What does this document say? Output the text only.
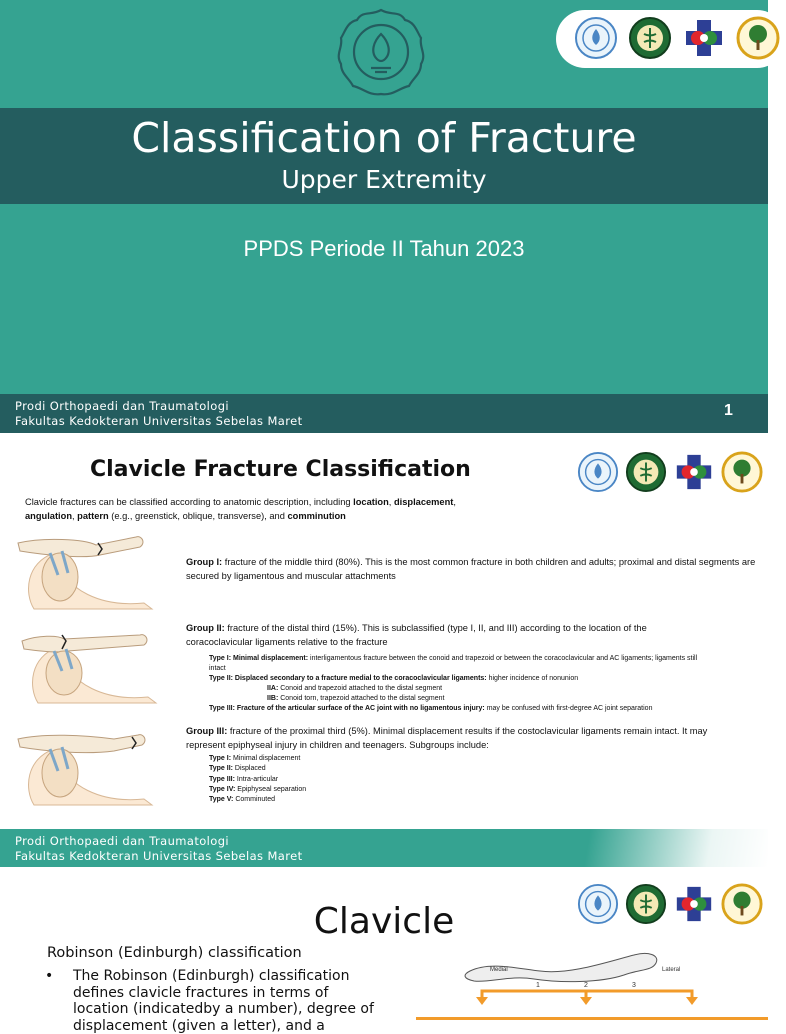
Classification of Fracture
Upper Extremity
PPDS Periode II Tahun 2023
Prodi Orthopaedi dan Traumatologi
Fakultas Kedokteran Universitas Sebelas Maret
1
Clavicle Fracture Classification
Clavicle fractures can be classified according to anatomic description, including location, displacement,
angulation, pattern (e.g., greenstick, oblique, transverse), and comminution
Group I: fracture of the middle third (80%). This is the most common fracture in both children and adults; proximal and distal segments are secured by ligamentous and muscular attachments
Group II: fracture of the distal third (15%). This is subclassified (type I, II, and III) according to the location of the coracoclavicular ligaments relative to the fracture
Type I: Minimal displacement: interligamentous fracture between the conoid and trapezoid or between the coracoclavicular and AC ligaments; ligaments still intact
Type II: Displaced secondary to a fracture medial to the coracoclavicular ligaments: higher incidence of nonunion
IIA: Conoid and trapezoid attached to the distal segment
IIB: Conoid torn, trapezoid attached to the distal segment
Type III: Fracture of the articular surface of the AC joint with no ligamentous injury: may be confused with first-degree AC joint separation
Group III: fracture of the proximal third (5%). Minimal displacement results if the costoclavicular ligaments remain intact. It may represent epiphyseal injury in children and teenagers. Subgroups include:
Type I: Minimal displacement
Type II: Displaced
Type III: Intra-articular
Type IV: Epiphyseal separation
Type V: Comminuted
Prodi Orthopaedi dan Traumatologi
Fakultas Kedokteran Universitas Sebelas Maret
Clavicle
Robinson (Edinburgh) classification
• The Robinson (Edinburgh) classification defines clavicle fractures in terms of location (indicatedby a number), degree of displacement (given a letter), and a
Medial	Lateral
1	2	3
